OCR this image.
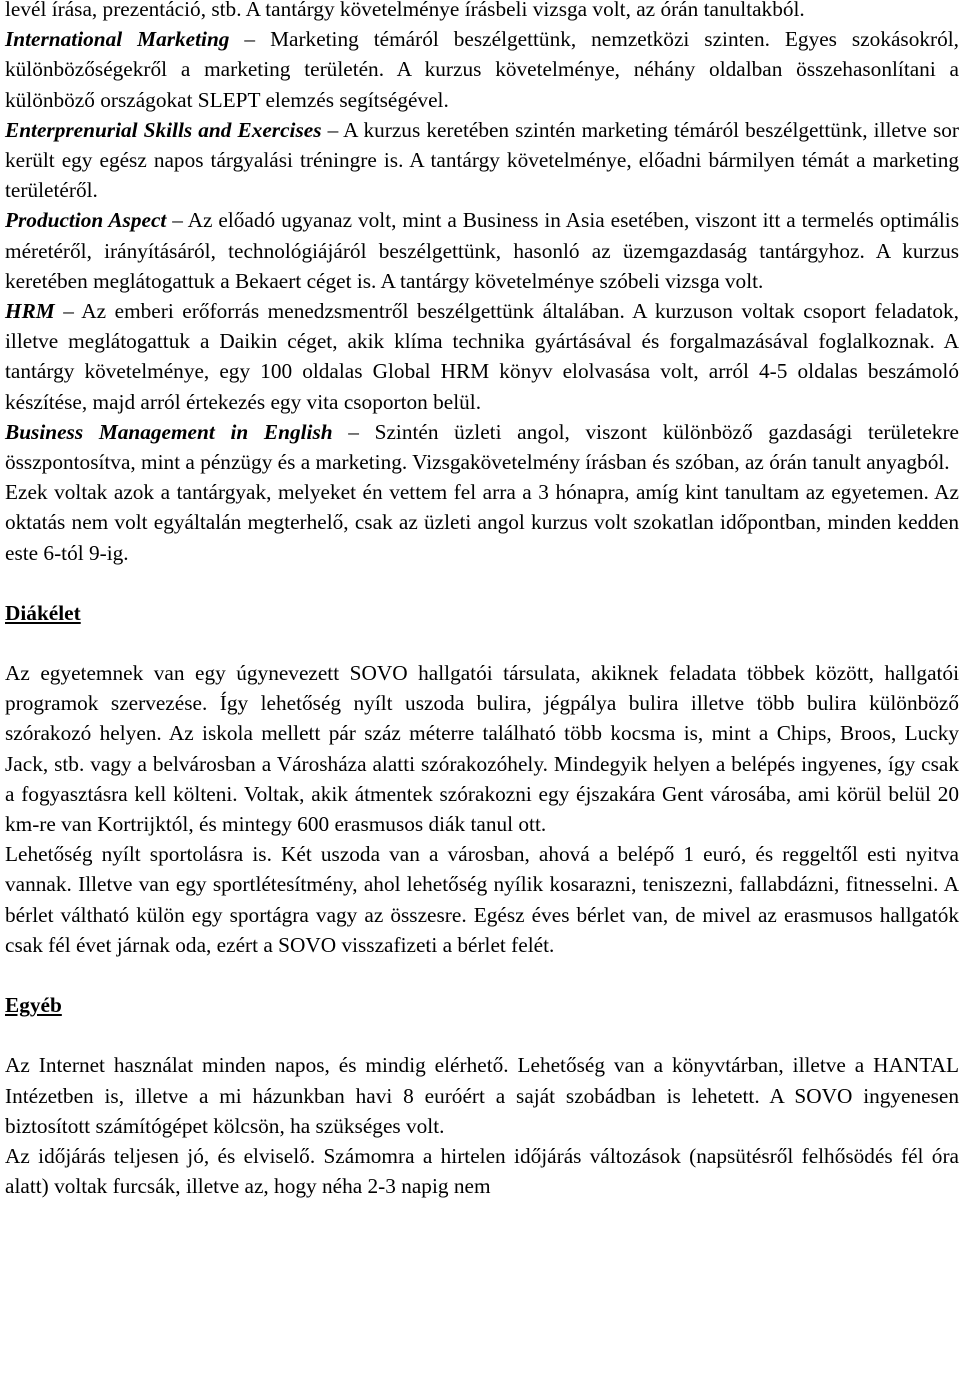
levél írása, prezentáció, stb. A tantárgy követelménye írásbeli vizsga volt, az órán tanultakból.

International Marketing – Marketing témáról beszélgettünk, nemzetközi szinten. Egyes szokásokról, különbözőségekről a marketing területén. A kurzus követelménye, néhány oldalban összehasonlítani a különböző országokat SLEPT elemzés segítségével.

Enterprenurial Skills and Exercises – A kurzus keretében szintén marketing témáról beszélgettünk, illetve sor került egy egész napos tárgyalási tréningre is. A tantárgy követelménye, előadni bármilyen témát a marketing területéről.

Production Aspect – Az előadó ugyanaz volt, mint a Business in Asia esetében, viszont itt a termelés optimális méretéről, irányításáról, technológiájáról beszélgettünk, hasonló az üzemgazdaság tantárgyhoz. A kurzus keretében meglátogattuk a Bekaert céget is. A tantárgy követelménye szóbeli vizsga volt.

HRM – Az emberi erőforrás menedzsmentről beszélgettünk általában. A kurzuson voltak csoport feladatok, illetve meglátogattuk a Daikin céget, akik klíma technika gyártásával és forgalmazásával foglalkoznak. A tantárgy követelménye, egy 100 oldalas Global HRM könyv elolvasása volt, arról 4-5 oldalas beszámoló készítése, majd arról értekezés egy vita csoporton belül.

Business Management in English – Szintén üzleti angol, viszont különböző gazdasági területekre összpontosítva, mint a pénzügy és a marketing. Vizsgakövetelmény írásban és szóban, az órán tanult anyagból.

Ezek voltak azok a tantárgyak, melyeket én vettem fel arra a 3 hónapra, amíg kint tanultam az egyetemen. Az oktatás nem volt egyáltalán megterhelő, csak az üzleti angol kurzus volt szokatlan időpontban, minden kedden este 6-tól 9-ig.

Diákélet

Az egyetemnek van egy úgynevezett SOVO hallgatói társulata, akiknek feladata többek között, hallgatói programok szervezése. Így lehetőség nyílt uszoda bulira, jégpálya bulira illetve több bulira különböző szórakozó helyen. Az iskola mellett pár száz méterre található több kocsma is, mint a Chips, Broos, Lucky Jack, stb. vagy a belvárosban a Városháza alatti szórakozóhely. Mindegyik helyen a belépés ingyenes, így csak a fogyasztásra kell költeni. Voltak, akik átmentek szórakozni egy éjszakára Gent városába, ami körül belül 20 km-re van Kortrijktól, és mintegy 600 erasmusos diák tanul ott.

Lehetőség nyílt sportolásra is. Két uszoda van a városban, ahová a belépő 1 euró, és reggeltől esti nyitva vannak. Illetve van egy sportlétesítmény, ahol lehetőség nyílik kosarazni, teniszezni, fallabdázni, fitnesselni. A bérlet váltható külön egy sportágra vagy az összesre. Egész éves bérlet van, de mivel az erasmusos hallgatók csak fél évet járnak oda, ezért a SOVO visszafizeti a bérlet felét.

Egyéb

Az Internet használat minden napos, és mindig elérhető. Lehetőség van a könyvtárban, illetve a HANTAL Intézetben is, illetve a mi házunkban havi 8 euróért a saját szobádban is lehetett. A SOVO ingyenesen biztosított számítógépet kölcsön, ha szükséges volt.

Az időjárás teljesen jó, és elviselő. Számomra a hirtelen időjárás változások (napsütésről felhősödés fél óra alatt) voltak furcsák, illetve az, hogy néha 2-3 napig nem
